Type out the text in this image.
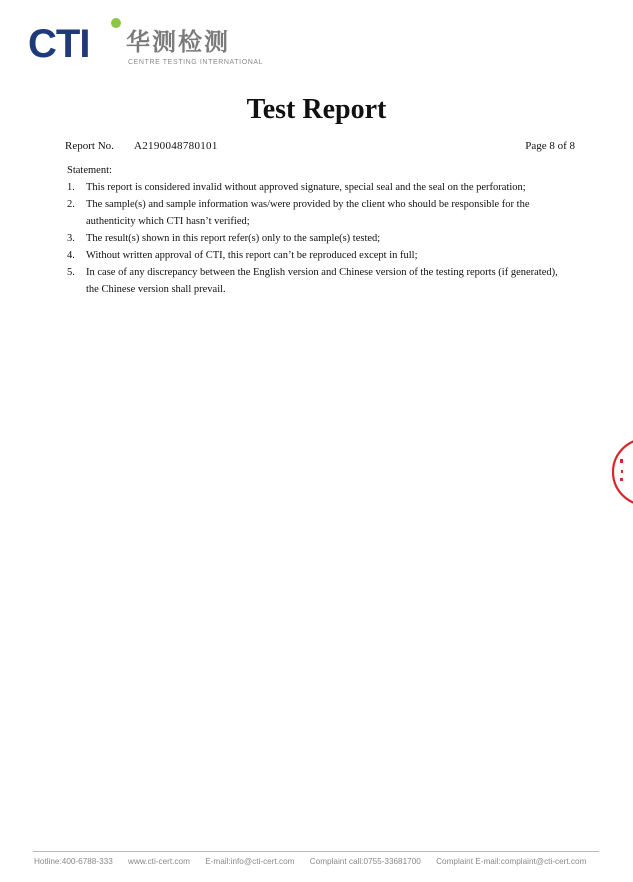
CTI 华测检测
CENTRE TESTING INTERNATIONAL
Test Report
Report No. A2190048780101	Page 8 of 8
Statement:
1. This report is considered invalid without approved signature, special seal and the seal on the perforation;
2. The sample(s) and sample information was/were provided by the client who should be responsible for the authenticity which CTI hasn’t verified;
3. The result(s) shown in this report refer(s) only to the sample(s) tested;
4. Without written approval of CTI, this report can’t be reproduced except in full;
5. In case of any discrepancy between the English version and Chinese version of the testing reports (if generated), the Chinese version shall prevail.
Hotline:400-6788-333 www.cti-cert.com E-mail:info@cti-cert.com Complaint call:0755-33681700 Complaint E-mail:complaint@cti-cert.com
